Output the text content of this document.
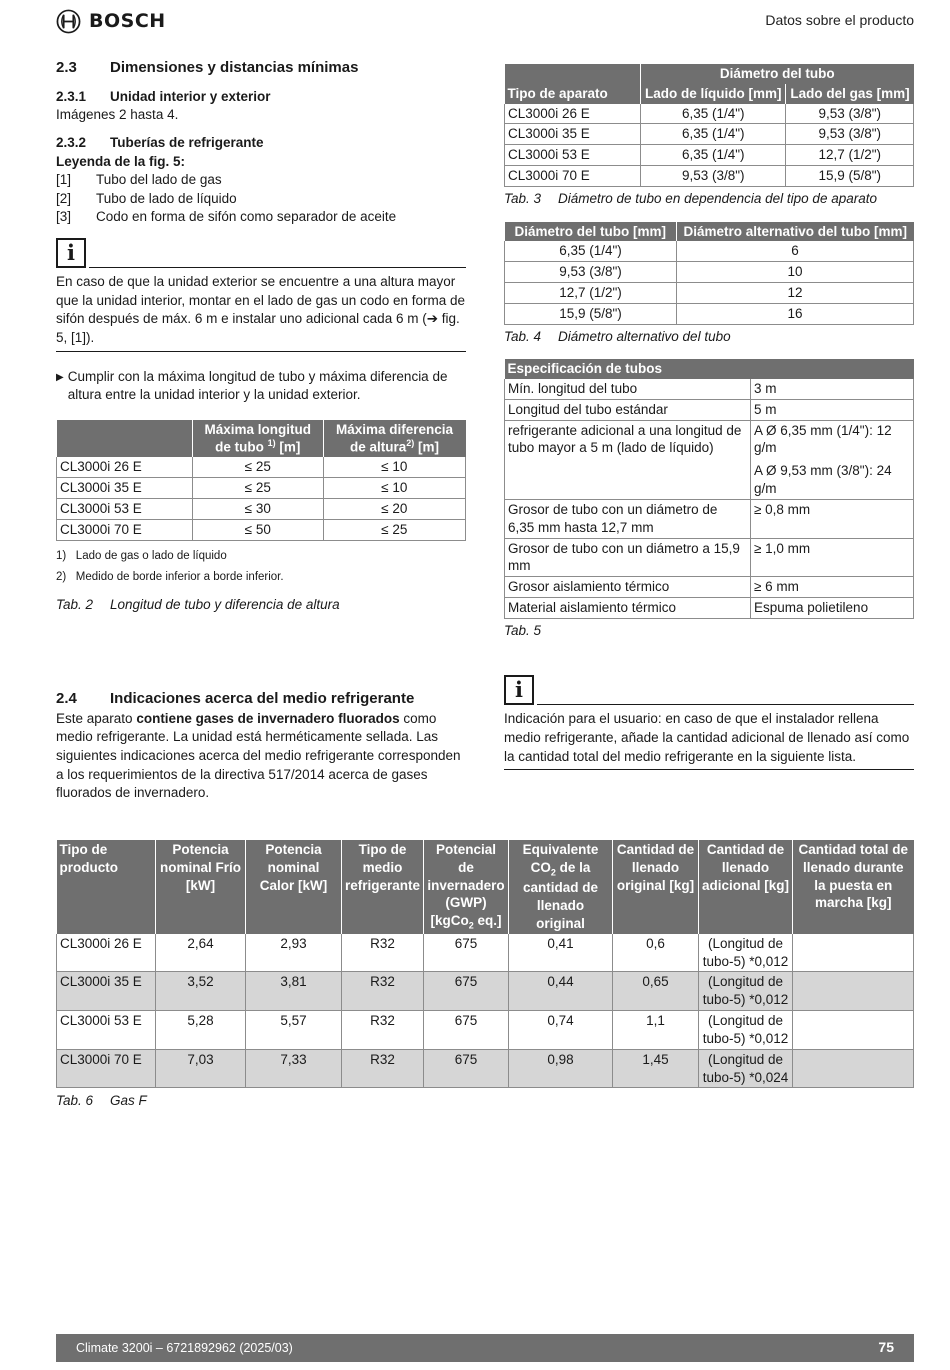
BOSCH	Datos sobre el producto
2.3	Dimensiones y distancias mínimas
2.3.1	Unidad interior y exterior
Imágenes 2 hasta 4.
2.3.2	Tuberías de refrigerante
Leyenda de la fig. 5:
[1]	Tubo del lado de gas
[2]	Tubo de lado de líquido
[3]	Codo en forma de sifón como separador de aceite
i
En caso de que la unidad exterior se encuentre a una altura mayor que la unidad interior, montar en el lado de gas un codo en forma de sifón después de máx. 6 m e instalar uno adicional cada 6 m (➔ fig. 5, [1]).
▶ Cumplir con la máxima longitud de tubo y máxima diferencia de altura entre la unidad interior y la unidad exterior.
	Máxima longitud de tubo $^{1)}$ [m]	Máxima diferencia de altura$^{2)}$ [m]
CL3000i 26 E	≤ 25	≤ 10
CL3000i 35 E	≤ 25	≤ 10
CL3000i 53 E	≤ 30	≤ 20
CL3000i 70 E	≤ 50	≤ 25
1)   Lado de gas o lado de líquido
2)   Medido de borde inferior a borde inferior.
Tab. 2	Longitud de tubo y diferencia de altura
2.4	Indicaciones acerca del medio refrigerante
Este aparato contiene gases de invernadero fluorados como medio refrigerante. La unidad está herméticamente sellada. Las siguientes indicaciones acerca del medio refrigerante corresponden a los requerimientos de la directiva 517/2014 acerca de gases fluorados de invernadero.
Tipo de aparato	Diámetro del tubo	
	Lado de líquido [mm]	Lado del gas [mm]
CL3000i 26 E	6,35 (1/4")	9,53 (3/8")
CL3000i 35 E	6,35 (1/4")	9,53 (3/8")
CL3000i 53 E	6,35 (1/4")	12,7 (1/2")
CL3000i 70 E	9,53 (3/8")	15,9 (5/8")
Tab. 3	Diámetro de tubo en dependencia del tipo de aparato
Diámetro del tubo [mm]	Diámetro alternativo del tubo [mm]
6,35 (1/4")	6
9,53 (3/8")	10
12,7 (1/2")	12
15,9 (5/8")	16
Tab. 4	Diámetro alternativo del tubo
Especificación de tubos	
Mín. longitud del tubo	3 m
Longitud del tubo estándar	5 m
refrigerante adicional a una longitud de tubo mayor a 5 m (lado de líquido)	A Ø 6,35 mm (1/4"): 12 g/m
A Ø 9,53 mm (3/8"): 24 g/m

Grosor de tubo con un diámetro de 6,35 mm hasta 12,7 mm	≥ 0,8 mm
Grosor de tubo con un diámetro a 15,9 mm	≥ 1,0 mm
Grosor aislamiento térmico	≥ 6 mm
Material aislamiento térmico	Espuma polietileno
Tab. 5
i
Indicación para el usuario: en caso de que el instalador rellena medio refrigerante, añade la cantidad adicional de llenado así como la cantidad total del medio refrigerante en la siguiente lista.
Tipo de producto	Potencia nominal Frío [kW]	Potencia nominal Calor [kW]	Tipo de medio refrigerante	Potencial de invernadero (GWP) [kgCo$_2$ eq.]	Equivalente $CO_2$ de la cantidad de llenado original	Cantidad de llenado original [kg]	Cantidad de llenado adicional [kg]	Cantidad total de llenado durante la puesta en marcha [kg]
CL3000i 26 E	2,64	2,93	R32	675	0,41	0,6	(Longitud de tubo-5) *0,012	
CL3000i 35 E	3,52	3,81	R32	675	0,44	0,65	(Longitud de tubo-5) *0,012	
CL3000i 53 E	5,28	5,57	R32	675	0,74	1,1	(Longitud de tubo-5) *0,012	
CL3000i 70 E	7,03	7,33	R32	675	0,98	1,45	(Longitud de tubo-5) *0,024	
Tab. 6	Gas F
Climate 3200i – 6721892962 (2025/03)	75
